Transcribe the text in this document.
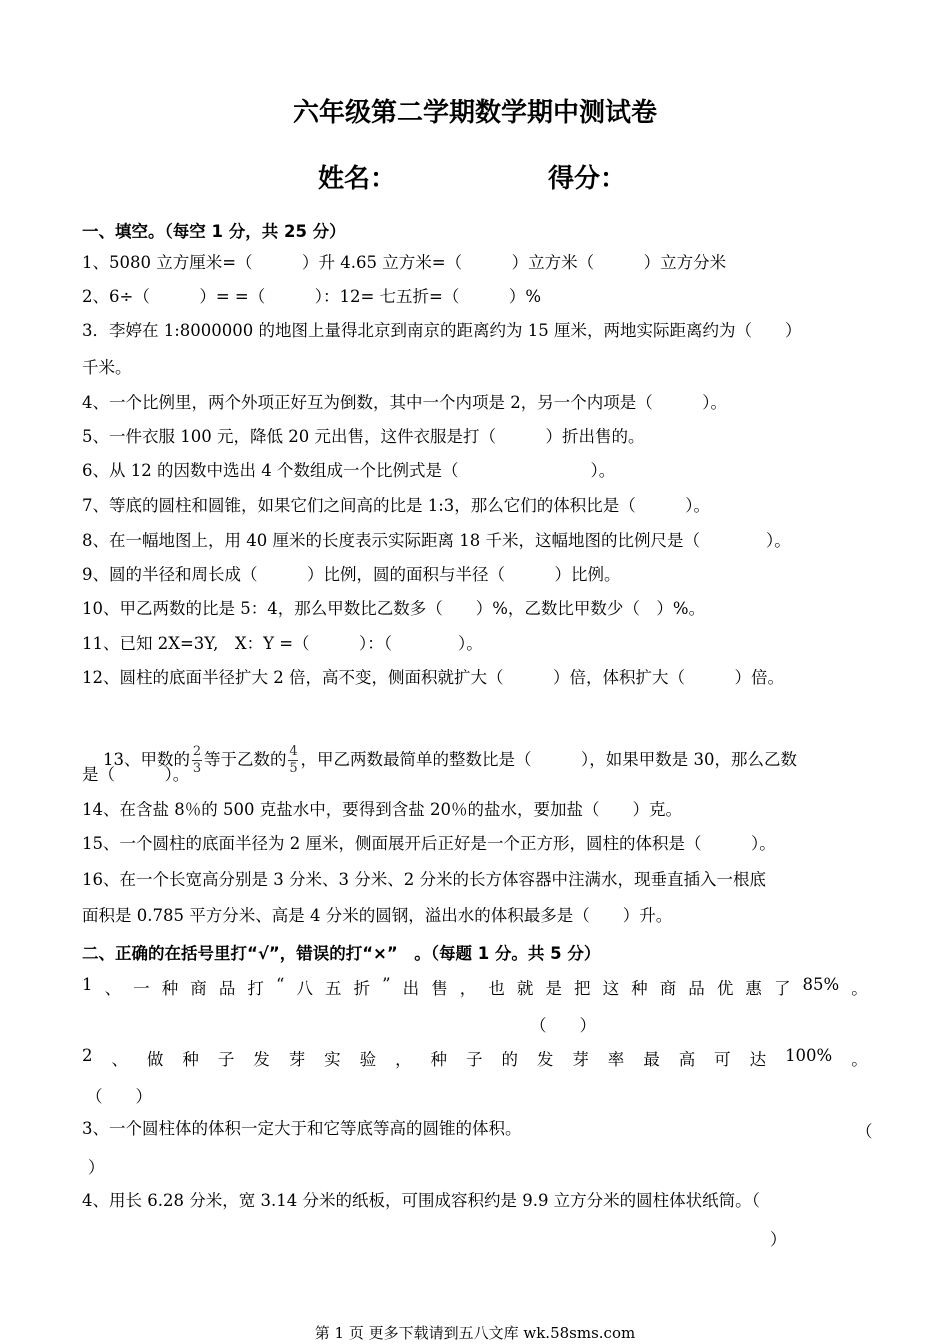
六年级第二学期数学期中测试卷
姓名：	得分：
一、填空。（每空 1 分，共 25 分）
1、5080 立方厘米=（　　　）升 4.65 立方米=（　　　）立方米（　　　）立方分米
2、6÷（　　　）= =（　　　）：12= 七五折=（　　　）%
3．李婷在 1:8000000 的地图上量得北京到南京的距离约为 15 厘米，两地实际距离约为（　　）
千米。
4、一个比例里，两个外项正好互为倒数，其中一个内项是 2，另一个内项是（　　　）。
5、一件衣服 100 元，降低 20 元出售，这件衣服是打（　　　）折出售的。
6、从 12 的因数中选出 4 个数组成一个比例式是（　　　　　　　　）。
7、等底的圆柱和圆锥，如果它们之间高的比是 1:3，那么它们的体积比是（　　　）。
8、在一幅地图上，用 40 厘米的长度表示实际距离 18 千米，这幅地图的比例尺是（　　　　）。
9、圆的半径和周长成（　　　）比例，圆的面积与半径（　　　）比例。
10、甲乙两数的比是 5：4，那么甲数比乙数多（　　）%，乙数比甲数少（　）%。
11、已知 2X=3Y,　X：Y =（　　　）：（　　　　）。
12、圆柱的底面半径扩大 2 倍，高不变，侧面积就扩大（　　　）倍，体积扩大（　　　）倍。

13、甲数的 $\frac{2}{3}$ 等于乙数的 $\frac{4}{5}$ ，甲乙两数最简单的整数比是（　　　），如果甲数是 30，那么乙数

是（　　　）。
14、在含盐 8％的 500 克盐水中，要得到含盐 20％的盐水，要加盐（　　）克。
15、一个圆柱的底面半径为 2 厘米，侧面展开后正好是一个正方形，圆柱的体积是（　　　）。
16、在一个长宽高分别是 3 分米、3 分米、2 分米的长方体容器中注满水，现垂直插入一根底
面积是 0.785 平方分米、高是 4 分米的圆钢，溢出水的体积最多是（　　）升。
二、正确的在括号里打“√”，错误的打“×”　。（每题 1 分。共 5 分）
1 、 一 种 商 品 打 “ 八 五 折 ” 出 售 ， 也 就 是 把 这 种 商 品 优 惠 了 85% 。
（　　）
2 、 做 种 子 发 芽 实 验 ， 种 子 的 发 芽 率 最 高 可 达 100% 。
（　　）
3、一个圆柱体的体积一定大于和它等底等高的圆锥的体积。	（
）
4、用长 6.28 分米，宽 3.14 分米的纸板，可围成容积约是 9.9 立方分米的圆柱体状纸筒。（
）
第 1 页 更多下载请到五八文库 wk.58sms.com
